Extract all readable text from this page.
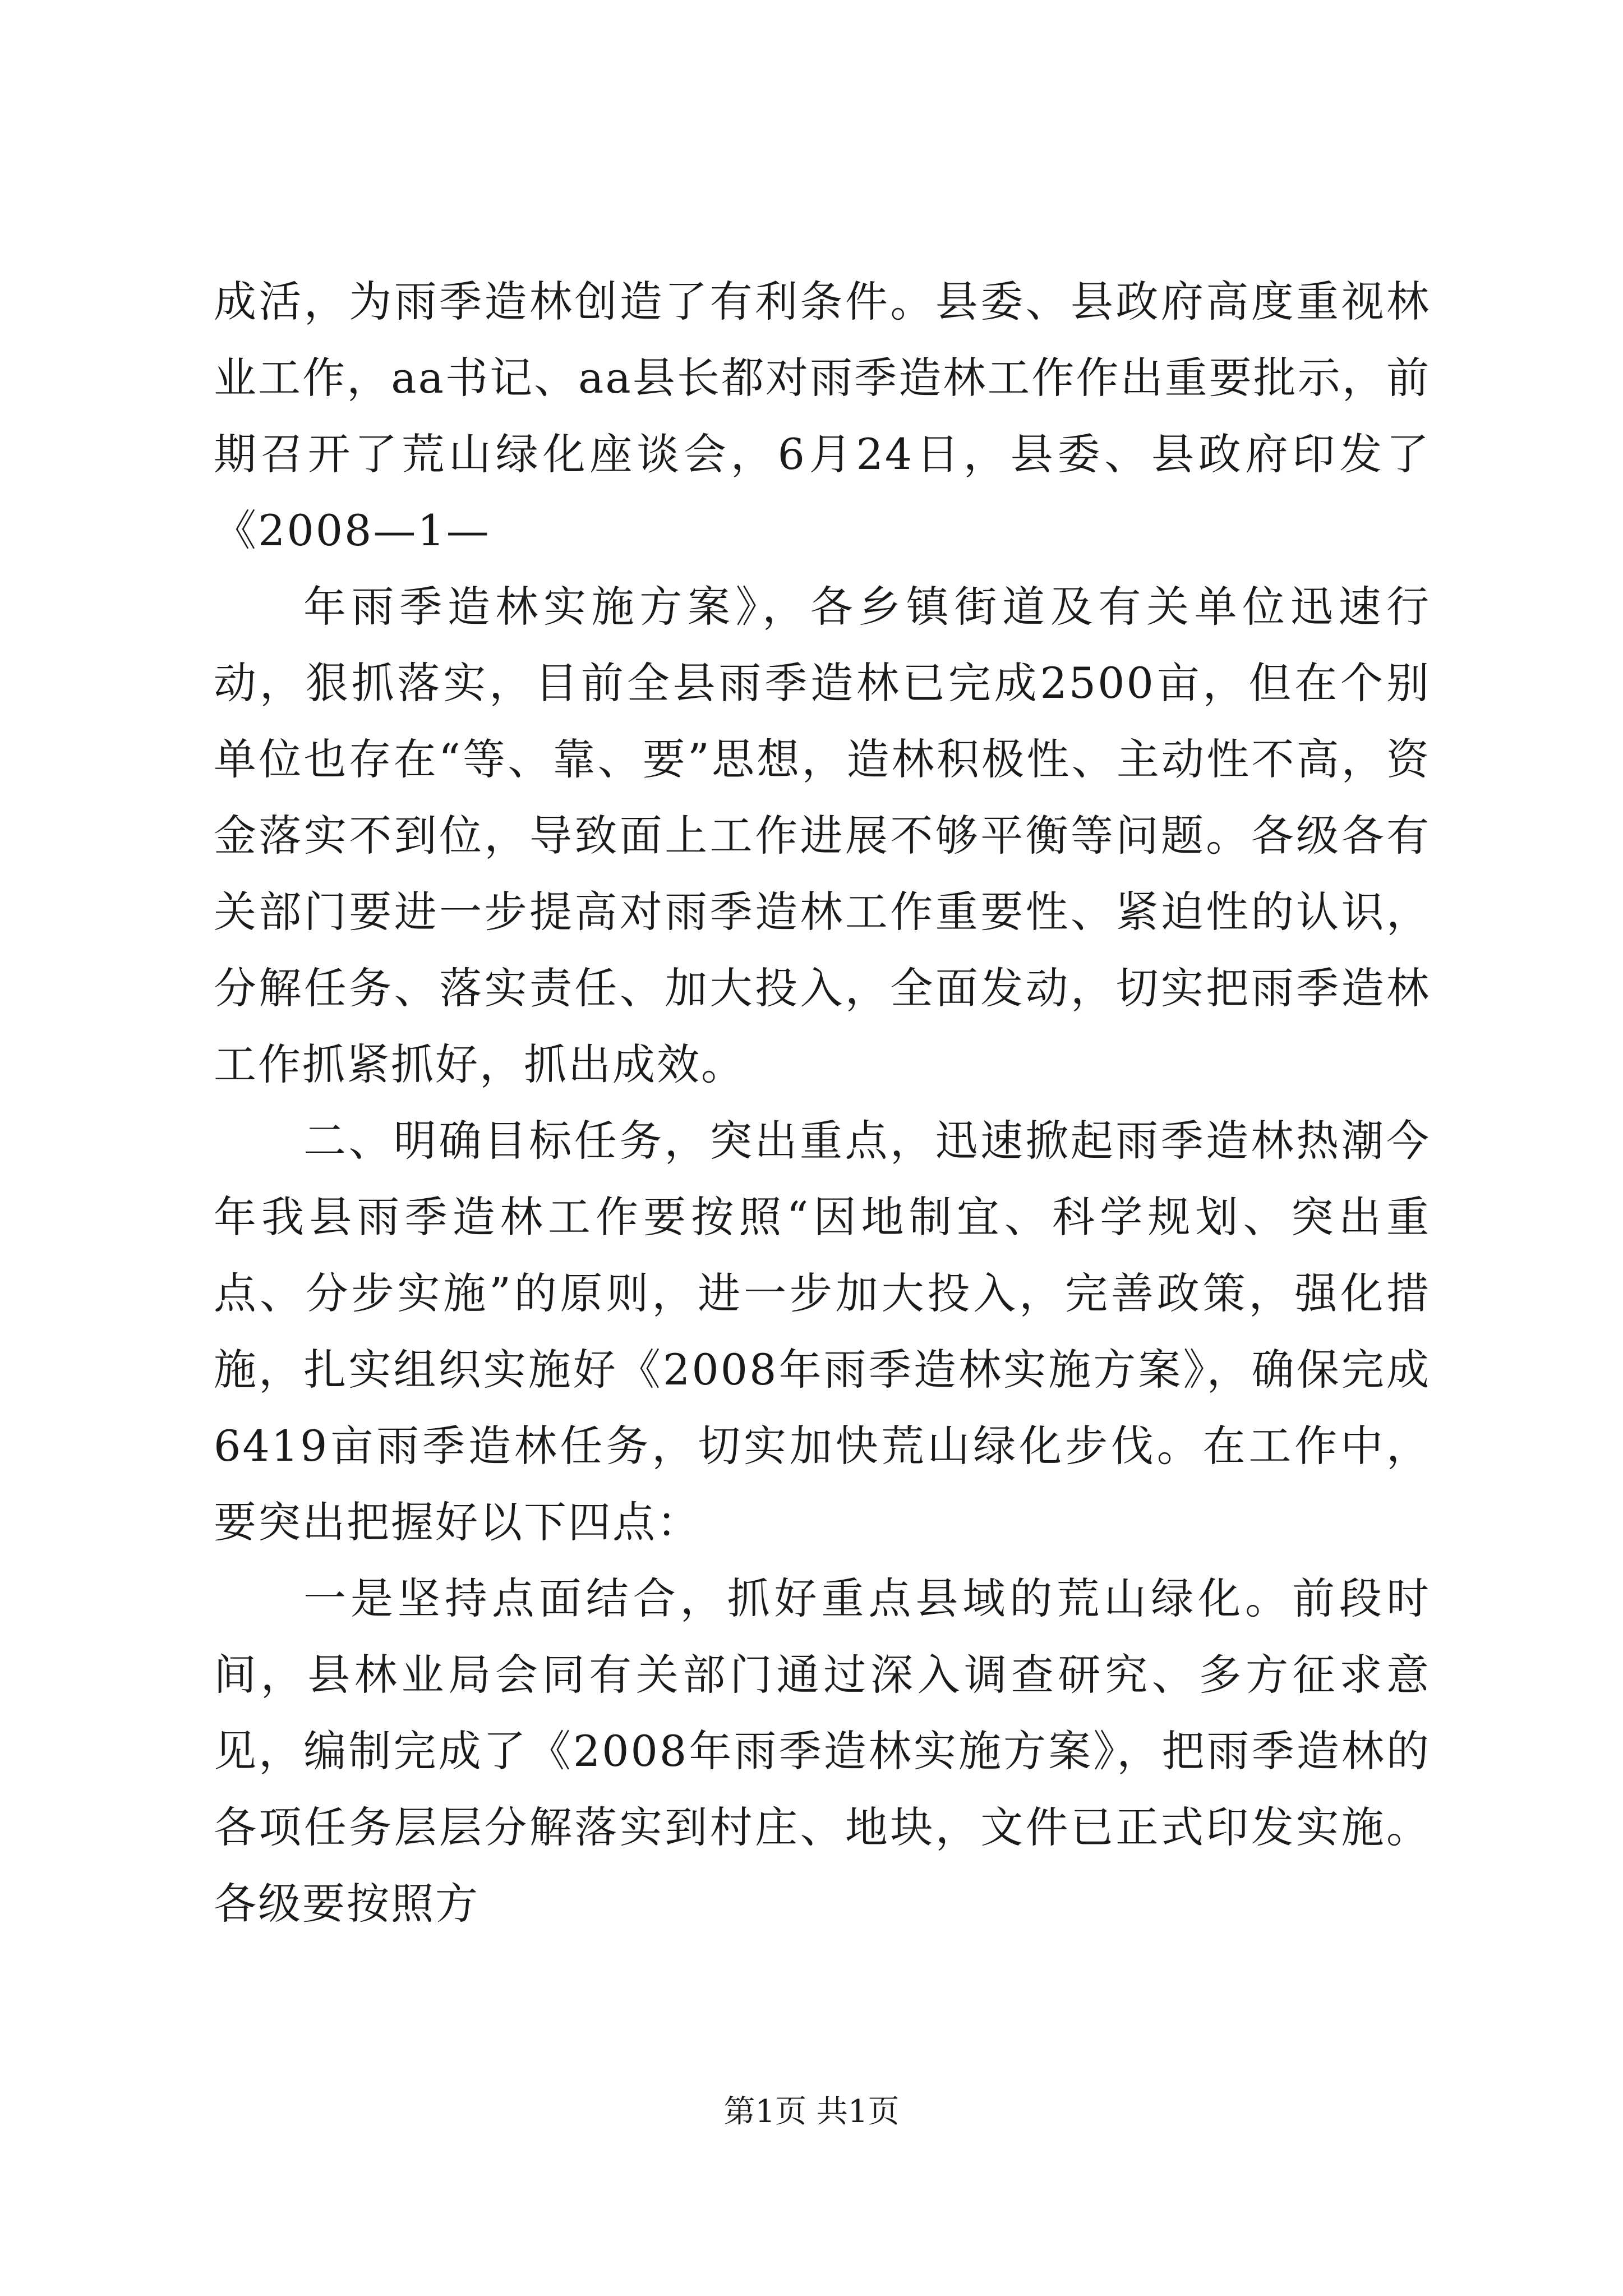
成活，为雨季造林创造了有利条件。县委、县政府高度重视林业工作，aa书记、aa县长都对雨季造林工作作出重要批示，前期召开了荒山绿化座谈会，6月24日，县委、县政府印发了《2008—1—

年雨季造林实施方案》，各乡镇街道及有关单位迅速行动，狠抓落实，目前全县雨季造林已完成2500亩，但在个别单位也存在“等、靠、要”思想，造林积极性、主动性不高，资金落实不到位，导致面上工作进展不够平衡等问题。各级各有关部门要进一步提高对雨季造林工作重要性、紧迫性的认识，分解任务、落实责任、加大投入，全面发动，切实把雨季造林工作抓紧抓好，抓出成效。

二、明确目标任务，突出重点，迅速掀起雨季造林热潮今年我县雨季造林工作要按照“因地制宜、科学规划、突出重点、分步实施”的原则，进一步加大投入，完善政策，强化措施，扎实组织实施好《2008年雨季造林实施方案》，确保完成6419亩雨季造林任务，切实加快荒山绿化步伐。在工作中，要突出把握好以下四点：

一是坚持点面结合，抓好重点县域的荒山绿化。前段时间，县林业局会同有关部门通过深入调查研究、多方征求意见，编制完成了《2008年雨季造林实施方案》，把雨季造林的各项任务层层分解落实到村庄、地块，文件已正式印发实施。各级要按照方

第1页 共1页
